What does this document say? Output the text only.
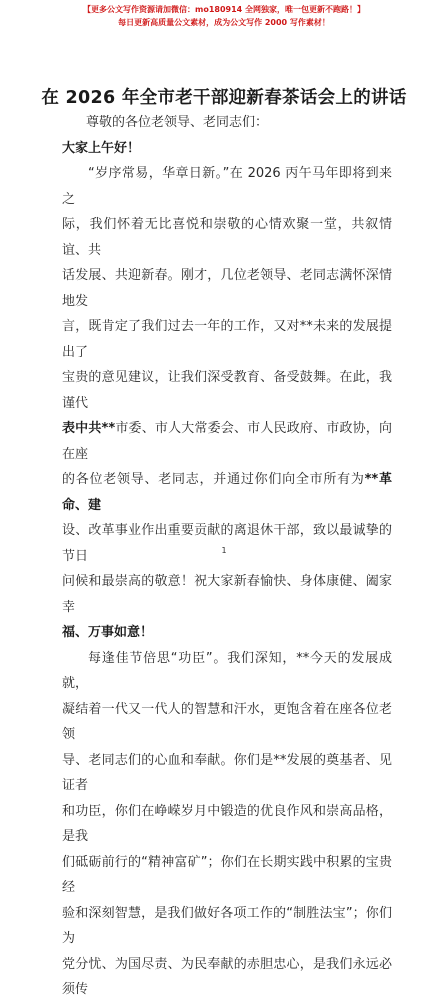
【更多公文写作资源请加微信：mo180914 全网独家，唯一包更新不跑路！】
每日更新高质量公文素材，成为公文写作 2000 写作素材！
在 2026 年全市老干部迎新春茶话会上的讲话
尊敬的各位老领导、老同志们：
大家上午好！
“岁序常易，华章日新。”在 2026 丙午马年即将到来之
际，我们怀着无比喜悦和崇敬的心情欢聚一堂，共叙情谊、共
话发展、共迎新春。刚才，几位老领导、老同志满怀深情地发
言，既肯定了我们过去一年的工作，又对**未来的发展提出了
宝贵的意见建议，让我们深受教育、备受鼓舞。在此，我谨代
表中共**市委、市人大常委会、市人民政府、市政协，向在座
的各位老领导、老同志，并通过你们向全市所有为**革命、建
设、改革事业作出重要贡献的离退休干部，致以最诚挚的节日
问候和最崇高的敬意！祝大家新春愉快、身体康健、阖家幸
福、万事如意！
每逢佳节倍思“功臣”。我们深知，**今天的发展成就，
凝结着一代又一代人的智慧和汗水，更饱含着在座各位老领
导、老同志们的心血和奉献。你们是**发展的奠基者、见证者
和功臣，你们在峥嵘岁月中锻造的优良作风和崇高品格，是我
们砥砺前行的“精神富矿”；你们在长期实践中积累的宝贵经
验和深刻智慧，是我们做好各项工作的“制胜法宝”；你们为
党分忧、为国尽责、为民奉献的赤胆忠心，是我们永远必须传
1
